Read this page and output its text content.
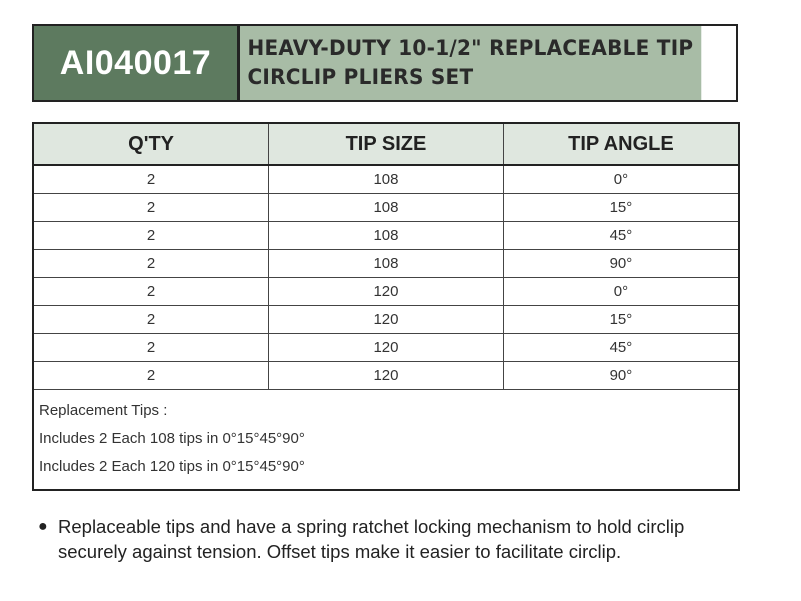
AI040017	HEAVY-DUTY 10-1/2" REPLACEABLE TIP
CIRCLIP PLIERS SET
Q'TY	TIP SIZE	TIP ANGLE
2	108	0°
2	108	15°
2	108	45°
2	108	90°
2	120	0°
2	120	15°
2	120	45°
2	120	90°
Replacement Tips :
Includes 2 Each 108 tips in 0°15°45°90°
Includes 2 Each 120 tips in 0°15°45°90°
● Replaceable tips and have a spring ratchet locking mechanism to hold circlip securely against tension. Offset tips make it easier to facilitate circlip.
